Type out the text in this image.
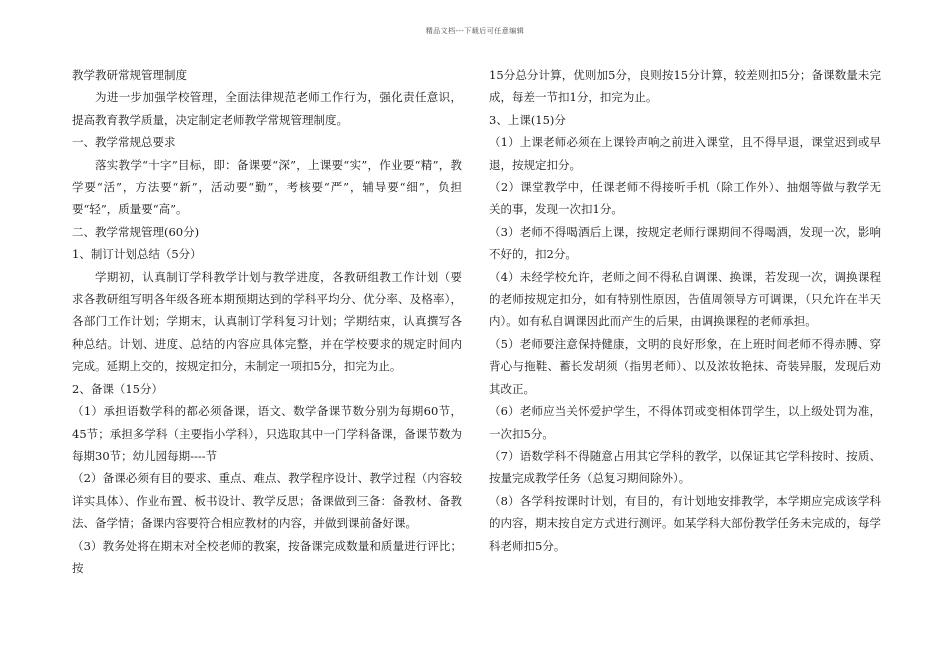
精品文档---下载后可任意编辑

教学教研常规管理制度

为进一步加强学校管理，全面法律规范老师工作行为，强化责任意识，提高教育教学质量，决定制定老师教学常规管理制度。

一、教学常规总要求

落实教学“十字”目标，即：备课要“深”，上课要“实”，作业要“精”，教学要“活”，方法要“新”，活动要“勤”，考核要“严”，辅导要“细”，负担要“轻”，质量要“高”。

二、教学常规管理(60分)

1、制订计划总结（5分）

学期初，认真制订学科教学计划与教学进度，各教研组教工作计划（要求各教研组写明各年级各班本期预期达到的学科平均分、优分率、及格率），各部门工作计划；学期末，认真制订学科复习计划；学期结束，认真撰写各种总结。计划、进度、总结的内容应具体完整，并在学校要求的规定时间内完成。延期上交的，按规定扣分，未制定一项扣5分，扣完为止。

2、备课（15分）

（1）承担语数学科的都必须备课，语文、数学备课节数分别为每期60节，45节；承担多学科（主要指小学科），只选取其中一门学科备课，备课节数为每期30节；幼儿园每期----节

（2）备课必须有目的要求、重点、难点、教学程序设计、教学过程（内容较详实具体）、作业布置、板书设计、教学反思；备课做到三备：备教材、备教法、备学情；备课内容要符合相应教材的内容，并做到课前备好课。

（3）教务处将在期末对全校老师的教案，按备课完成数量和质量进行评比；按

15分总分计算，优则加5分，良则按15分计算，较差则扣5分；备课数量未完成，每差一节扣1分，扣完为止。

3、上课(15)分

（1）上课老师必须在上课铃声响之前进入课堂，且不得早退，课堂迟到或早退，按规定扣分。

（2）课堂教学中，任课老师不得接听手机（除工作外）、抽烟等做与教学无关的事，发现一次扣1分。

（3）老师不得喝酒后上课，按规定老师行课期间不得喝酒，发现一次，影响不好的，扣2分。

（4）未经学校允许，老师之间不得私自调课、换课，若发现一次，调换课程的老师按规定扣分，如有特别性原因，告值周领导方可调课，（只允许在半天内）。如有私自调课因此而产生的后果，由调换课程的老师承担。

（5）老师要注意保持健康，文明的良好形象，在上班时间老师不得赤膊、穿背心与拖鞋、蓄长发胡须（指男老师）、以及浓妆艳抹、奇装异服，发现后劝其改正。

（6）老师应当关怀爱护学生，不得体罚或变相体罚学生，以上级处罚为准，一次扣5分。

（7）语数学科不得随意占用其它学科的教学，以保证其它学科按时、按质、按量完成教学任务（总复习期间除外）。

（8）各学科按课时计划，有目的，有计划地安排教学，本学期应完成该学科的内容，期末按自定方式进行测评。如某学科大部份教学任务未完成的，每学科老师扣5分。
